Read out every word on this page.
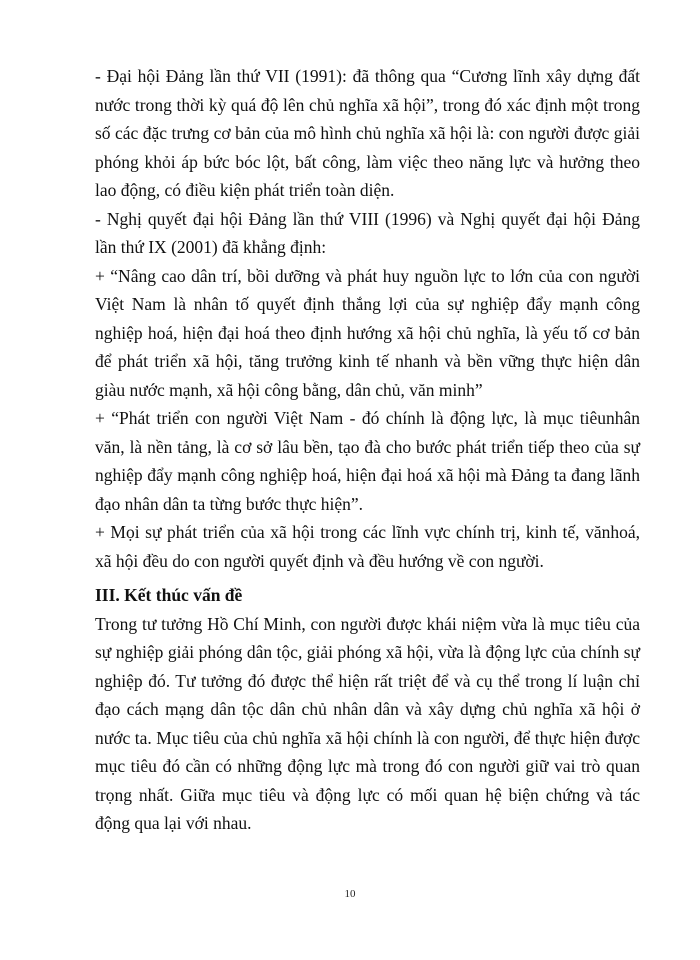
- Đại hội Đảng lần thứ VII (1991): đã thông qua “Cương lĩnh xây dựng đất nước trong thời kỳ quá độ lên chủ nghĩa xã hội”, trong đó xác định một trong số các đặc trưng cơ bản của mô hình chủ nghĩa xã hội là: con người được giải phóng khỏi áp bức bóc lột, bất công, làm việc theo năng lực và hưởng theo lao động, có điều kiện phát triển toàn diện.

- Nghị quyết đại hội Đảng lần thứ VIII (1996) và Nghị quyết đại hội Đảng lần thứ IX (2001) đã khẳng định:

+ “Nâng cao dân trí, bồi dưỡng và phát huy nguồn lực to lớn của con người Việt Nam là nhân tố quyết định thắng lợi của sự nghiệp đẩy mạnh công nghiệp hoá, hiện đại hoá theo định hướng xã hội chủ nghĩa, là yếu tố cơ bản để phát triển xã hội, tăng trưởng kinh tế nhanh và bền vững thực hiện dân giàu nước mạnh, xã hội công bằng, dân chủ, văn minh”

+ “Phát triển con người Việt Nam - đó chính là động lực, là mục tiêunhân văn, là nền tảng, là cơ sở lâu bền, tạo đà cho bước phát triển tiếp theo của sự nghiệp đẩy mạnh công nghiệp hoá, hiện đại hoá xã hội mà Đảng ta đang lãnh đạo nhân dân ta từng bước thực hiện”.

+ Mọi sự phát triển của xã hội trong các lĩnh vực chính trị, kinh tế, vănhoá, xã hội đều do con người quyết định và đều hướng về con người.

III. Kết thúc vấn đề

Trong tư tưởng Hồ Chí Minh, con người được khái niệm vừa là mục tiêu của sự nghiệp giải phóng dân tộc, giải phóng xã hội, vừa là động lực của chính sự nghiệp đó. Tư tưởng đó được thể hiện rất triệt để và cụ thể trong lí luận chỉ đạo cách mạng dân tộc dân chủ nhân dân và xây dựng chủ nghĩa xã hội ở nước ta. Mục tiêu của chủ nghĩa xã hội chính là con người, để thực hiện được mục tiêu đó cần có những động lực mà trong đó con người giữ vai trò quan trọng nhất. Giữa mục tiêu và động lực có mối quan hệ biện chứng và tác động qua lại với nhau.

10
